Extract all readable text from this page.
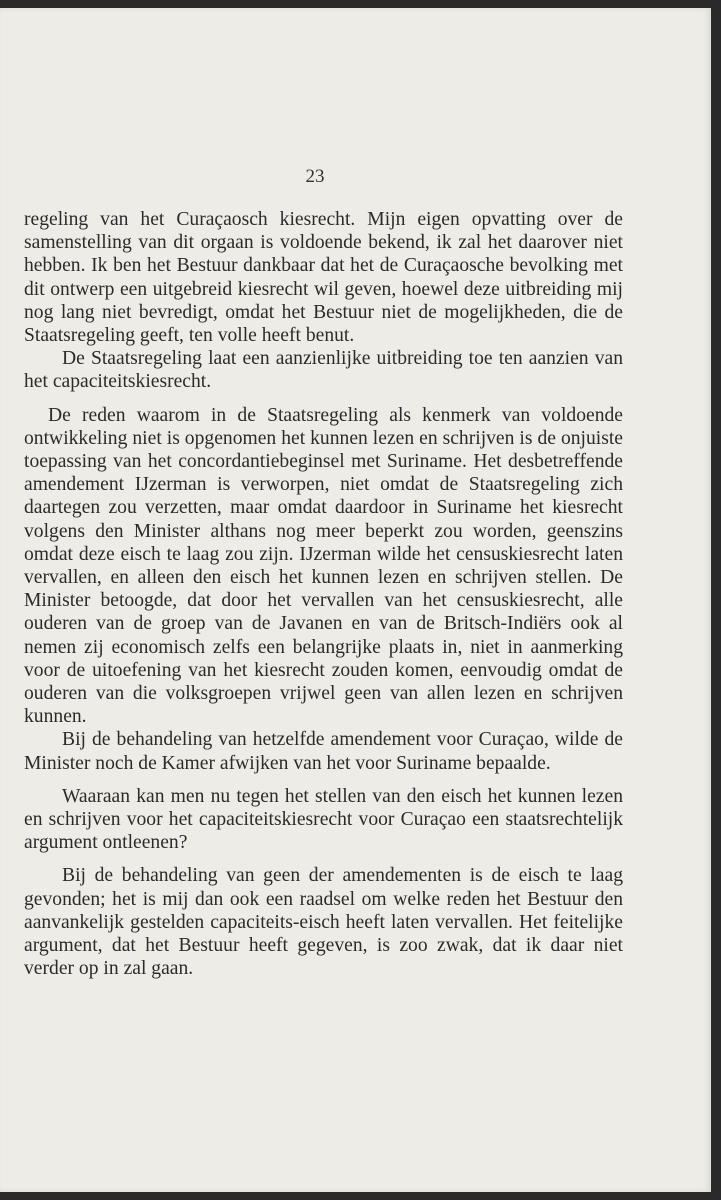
23

regeling van het Curaçaosch kiesrecht. Mijn eigen opvatting over de samenstelling van dit orgaan is voldoende bekend, ik zal het daarover niet hebben. Ik ben het Bestuur dankbaar dat het de Curaçaosche bevolking met dit ontwerp een uitgebreid kiesrecht wil geven, hoewel deze uitbreiding mij nog lang niet bevredigt, omdat het Bestuur niet de mogelijkheden, die de Staatsregeling geeft, ten volle heeft benut.

De Staatsregeling laat een aanzienlijke uitbreiding toe ten aanzien van het capaciteitskiesrecht.

De reden waarom in de Staatsregeling als kenmerk van voldoende ontwikkeling niet is opgenomen het kunnen lezen en schrijven is de onjuiste toepassing van het concordantiebeginsel met Suriname. Het desbetreffende amendement IJzerman is verworpen, niet omdat de Staatsregeling zich daartegen zou verzetten, maar omdat daardoor in Suriname het kiesrecht volgens den Minister althans nog meer beperkt zou worden, geenszins omdat deze eisch te laag zou zijn. IJzerman wilde het censuskiesrecht laten vervallen, en alleen den eisch het kunnen lezen en schrijven stellen. De Minister betoogde, dat door het vervallen van het censuskiesrecht, alle ouderen van de groep van de Javanen en van de Britsch-Indiërs ook al nemen zij economisch zelfs een belangrijke plaats in, niet in aanmerking voor de uitoefening van het kiesrecht zouden komen, eenvoudig omdat de ouderen van die volksgroepen vrijwel geen van allen lezen en schrijven kunnen.

Bij de behandeling van hetzelfde amendement voor Curaçao, wilde de Minister noch de Kamer afwijken van het voor Suriname bepaalde.

Waaraan kan men nu tegen het stellen van den eisch het kunnen lezen en schrijven voor het capaciteitskiesrecht voor Curaçao een staatsrechtelijk argument ontleenen?

Bij de behandeling van geen der amendementen is de eisch te laag gevonden; het is mij dan ook een raadsel om welke reden het Bestuur den aanvankelijk gestelden capaciteits-eisch heeft laten vervallen. Het feitelijke argument, dat het Bestuur heeft gegeven, is zoo zwak, dat ik daar niet verder op in zal gaan.
